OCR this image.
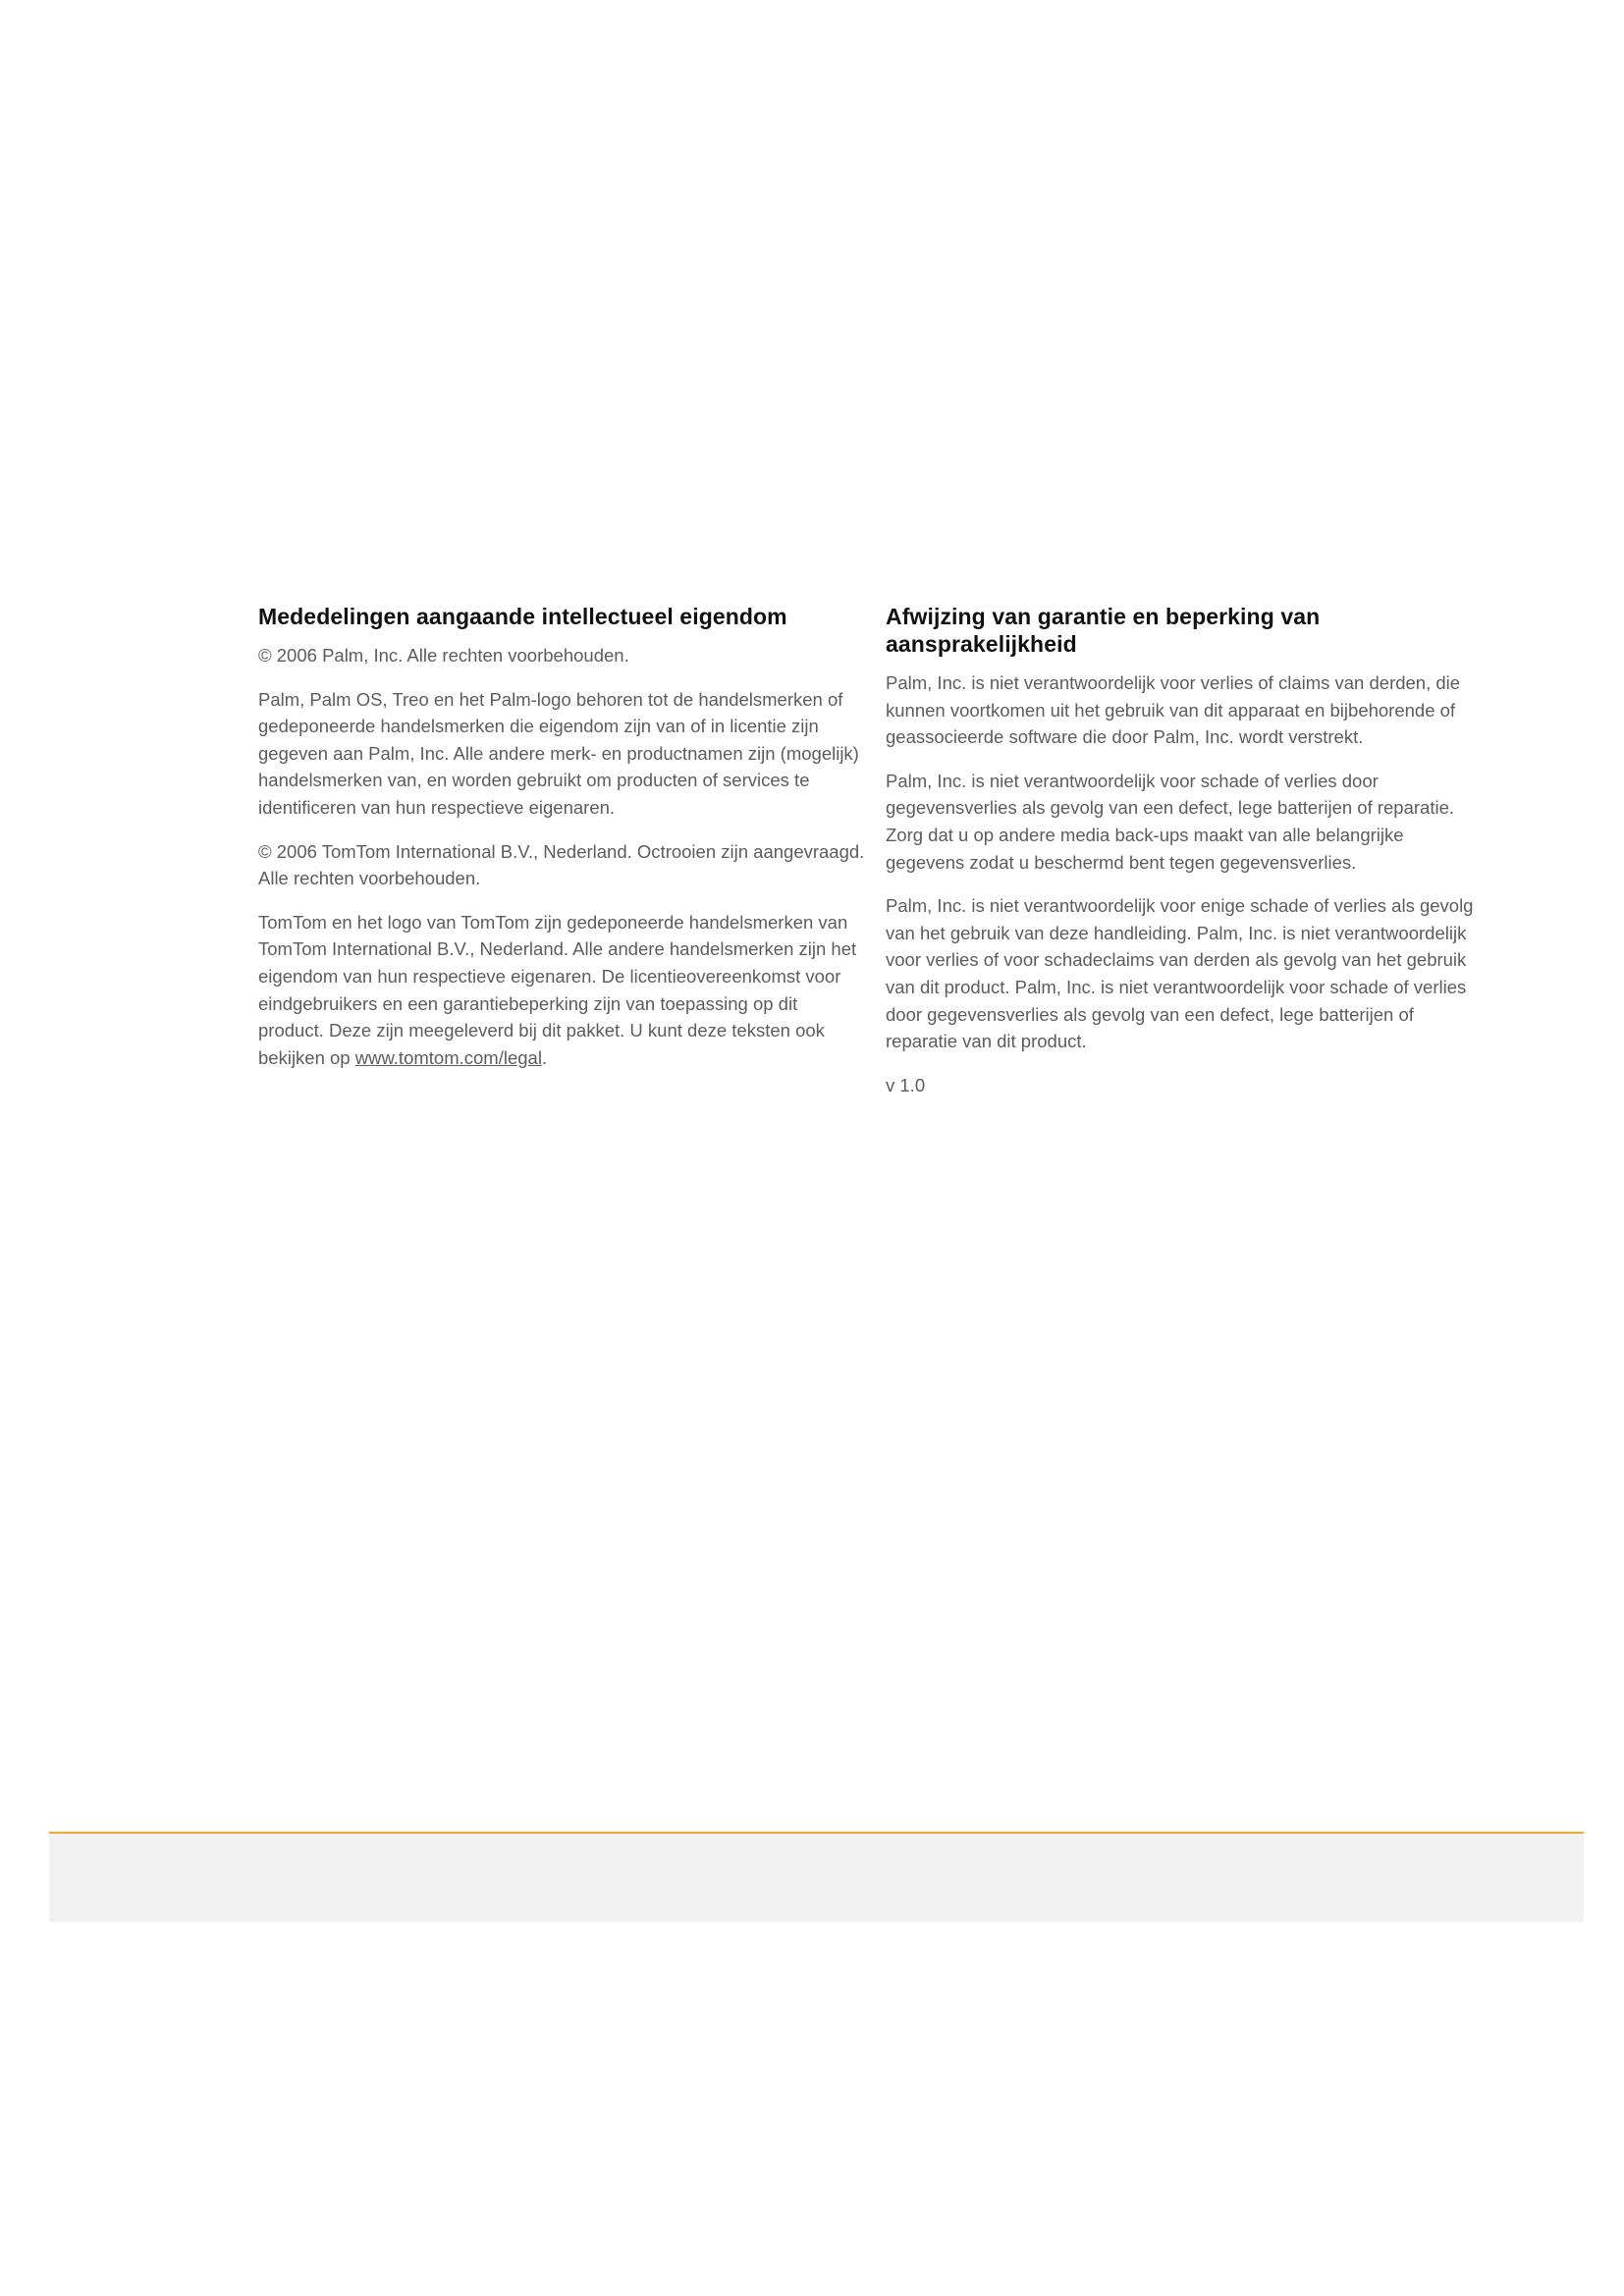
Mededelingen aangaande intellectueel eigendom

© 2006 Palm, Inc. Alle rechten voorbehouden.

Palm, Palm OS, Treo en het Palm-logo behoren tot de handelsmerken of gedeponeerde handelsmerken die eigendom zijn van of in licentie zijn gegeven aan Palm, Inc. Alle andere merk- en productnamen zijn (mogelijk) handelsmerken van, en worden gebruikt om producten of services te identificeren van hun respectieve eigenaren.

© 2006 TomTom International B.V., Nederland. Octrooien zijn aangevraagd. Alle rechten voorbehouden.

TomTom en het logo van TomTom zijn gedeponeerde handelsmerken van TomTom International B.V., Nederland. Alle andere handelsmerken zijn het eigendom van hun respectieve eigenaren. De licentieovereenkomst voor eindgebruikers en een garantiebeperking zijn van toepassing op dit product. Deze zijn meegeleverd bij dit pakket. U kunt deze teksten ook bekijken op www.tomtom.com/legal.

Afwijzing van garantie en beperking van aansprakelijkheid

Palm, Inc. is niet verantwoordelijk voor verlies of claims van derden, die kunnen voortkomen uit het gebruik van dit apparaat en bijbehorende of geassocieerde software die door Palm, Inc. wordt verstrekt.

Palm, Inc. is niet verantwoordelijk voor schade of verlies door gegevensverlies als gevolg van een defect, lege batterijen of reparatie. Zorg dat u op andere media back-ups maakt van alle belangrijke gegevens zodat u beschermd bent tegen gegevensverlies.

Palm, Inc. is niet verantwoordelijk voor enige schade of verlies als gevolg van het gebruik van deze handleiding. Palm, Inc. is niet verantwoordelijk voor verlies of voor schadeclaims van derden als gevolg van het gebruik van dit product. Palm, Inc. is niet verantwoordelijk voor schade of verlies door gegevensverlies als gevolg van een defect, lege batterijen of reparatie van dit product.

v 1.0
